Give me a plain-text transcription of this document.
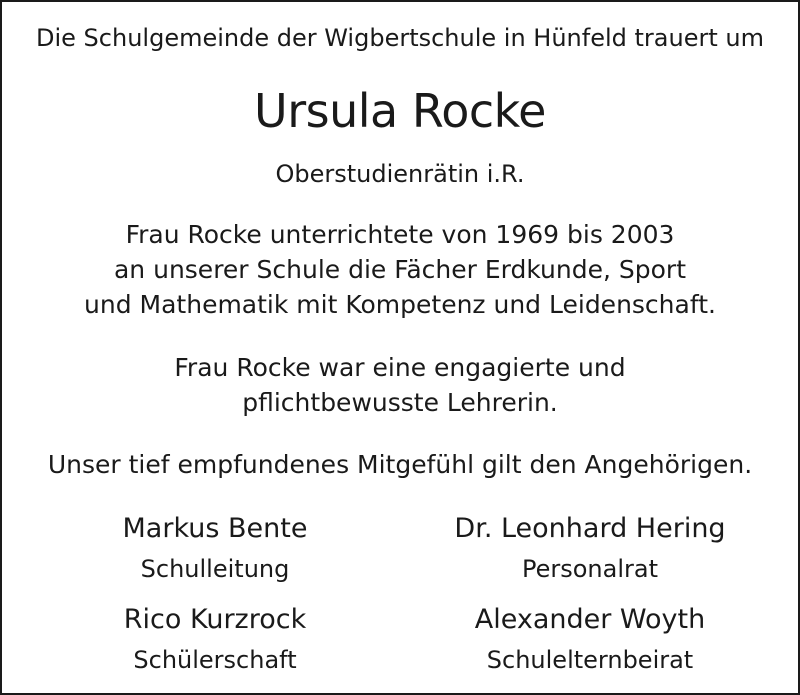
Die Schulgemeinde der Wigbertschule in Hünfeld trauert um
Ursula Rocke
Oberstudienrätin i.R.
Frau Rocke unterrichtete von 1969 bis 2003
an unserer Schule die Fächer Erdkunde, Sport
und Mathematik mit Kompetenz und Leidenschaft.
Frau Rocke war eine engagierte und
pflichtbewusste Lehrerin.
Unser tief empfundenes Mitgefühl gilt den Angehörigen.
Markus Bente
Schulleitung
Dr. Leonhard Hering
Personalrat
Rico Kurzrock
Schülerschaft
Alexander Woyth
Schulelternbeirat
